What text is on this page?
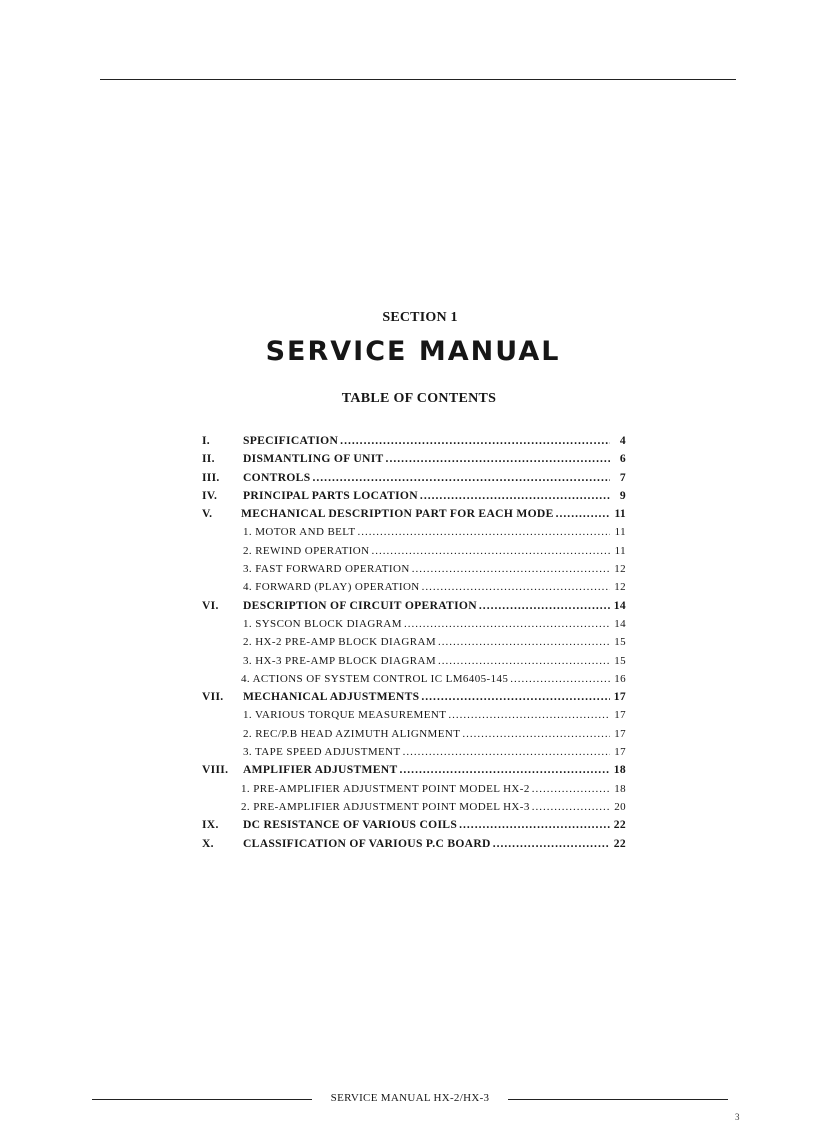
SECTION 1
SERVICE MANUAL
TABLE OF CONTENTS
I.	SPECIFICATION .....	4
II. DISMANTLING OF UNIT .....	6
III. CONTROLS .....	7
IV. PRINCIPAL PARTS LOCATION .....	9
V. MECHANICAL DESCRIPTION PART FOR EACH MODE .....	11
1. MOTOR AND BELT .....	11
2. REWIND OPERATION .....	11
3. FAST FORWARD OPERATION .....	12
4. FORWARD (PLAY) OPERATION .....	12
VI. DESCRIPTION OF CIRCUIT OPERATION .....	14
1. SYSCON BLOCK DIAGRAM .....	14
2. HX-2 PRE-AMP BLOCK DIAGRAM .....	15
3. HX-3 PRE-AMP BLOCK DIAGRAM .....	15
4. ACTIONS OF SYSTEM CONTROL IC LM6405-145 .....	16
VII. MECHANICAL ADJUSTMENTS .....	17
1. VARIOUS TORQUE MEASUREMENT .....	17
2. REC/P.B HEAD AZIMUTH ALIGNMENT .....	17
3. TAPE SPEED ADJUSTMENT .....	17
VIII. AMPLIFIER ADJUSTMENT .....	18
1. PRE-AMPLIFIER ADJUSTMENT POINT MODEL HX-2 .....	18
2. PRE-AMPLIFIER ADJUSTMENT POINT MODEL HX-3 .....	20
IX. DC RESISTANCE OF VARIOUS COILS .....	22
X.	CLASSIFICATION OF VARIOUS P.C BOARD .....	22
SERVICE MANUAL HX-2/HX-3
3
